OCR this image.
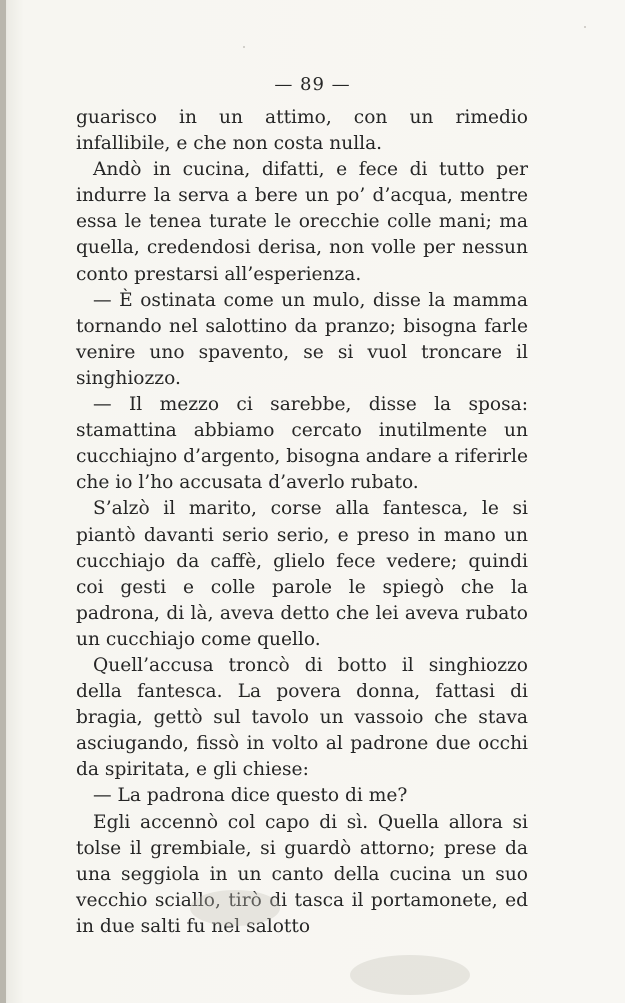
— 89 —

guarisco in un attimo, con un rimedio infallibile, e che non costa nulla.

Andò in cucina, difatti, e fece di tutto per indurre la serva a bere un po’ d’acqua, mentre essa le tenea turate le orecchie colle mani; ma quella, credendosi derisa, non volle per nessun conto prestarsi all’esperienza.

— È ostinata come un mulo, disse la mamma tornando nel salottino da pranzo; bisogna farle venire uno spavento, se si vuol troncare il singhiozzo.

— Il mezzo ci sarebbe, disse la sposa: stamattina abbiamo cercato inutilmente un cucchiajno d’argento, bisogna andare a riferirle che io l’ho accusata d’averlo rubato.

S’alzò il marito, corse alla fantesca, le si piantò davanti serio serio, e preso in mano un cucchiajo da caffè, glielo fece vedere; quindi coi gesti e colle parole le spiegò che la padrona, di là, aveva detto che lei aveva rubato un cucchiajo come quello.

Quell’accusa troncò di botto il singhiozzo della fantesca. La povera donna, fattasi di bragia, gettò sul tavolo un vassoio che stava asciugando, fissò in volto al padrone due occhi da spiritata, e gli chiese:

— La padrona dice questo di me?

Egli accennò col capo di sì. Quella allora si tolse il grembiale, si guardò attorno; prese da una seggiola in un canto della cucina un suo vecchio sciallo, tirò di tasca il portamonete, ed in due salti fu nel salotto
